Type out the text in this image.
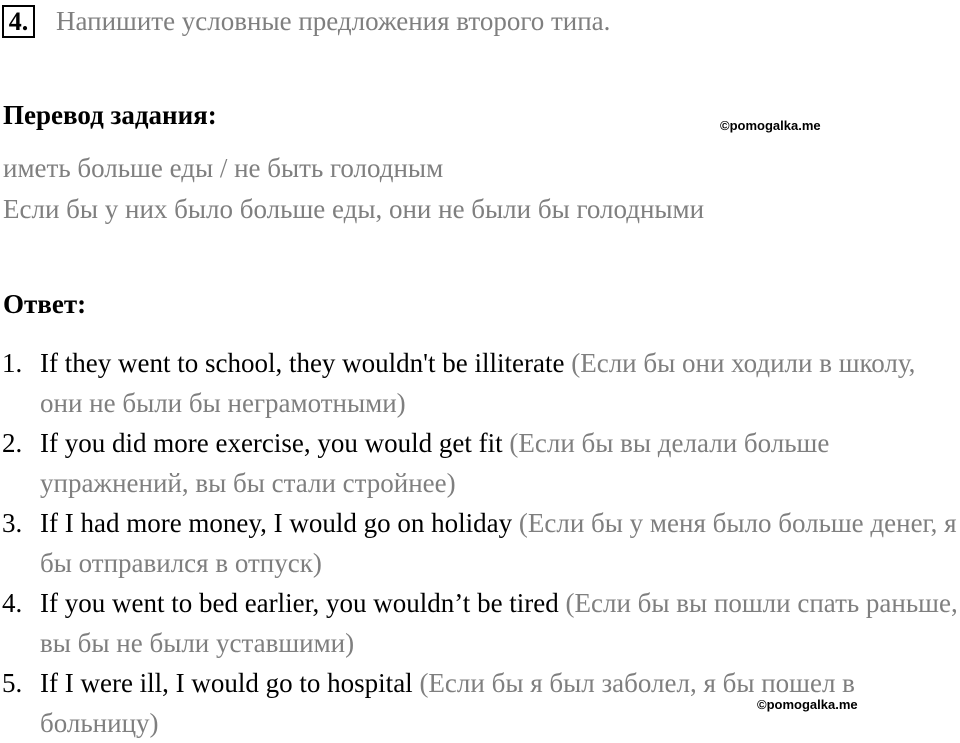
4. Напишите условные предложения второго типа.
Перевод задания:	©pomogalka.me
иметь больше еды / не быть голодным
Если бы у них было больше еды, они не были бы голодными
Ответ:
1. If they went to school, they wouldn't be illiterate (Если бы они ходили в школу, они не были бы неграмотными)
2. If you did more exercise, you would get fit (Если бы вы делали больше упражнений, вы бы стали стройнее)
3. If I had more money, I would go on holiday (Если бы у меня было больше денег, я бы отправился в отпуск)
4. If you went to bed earlier, you wouldn’t be tired (Если бы вы пошли спать раньше, вы бы не были уставшими)
5. If I were ill, I would go to hospital (Если бы я был заболел, я бы пошел в больницу)
©pomogalka.me
